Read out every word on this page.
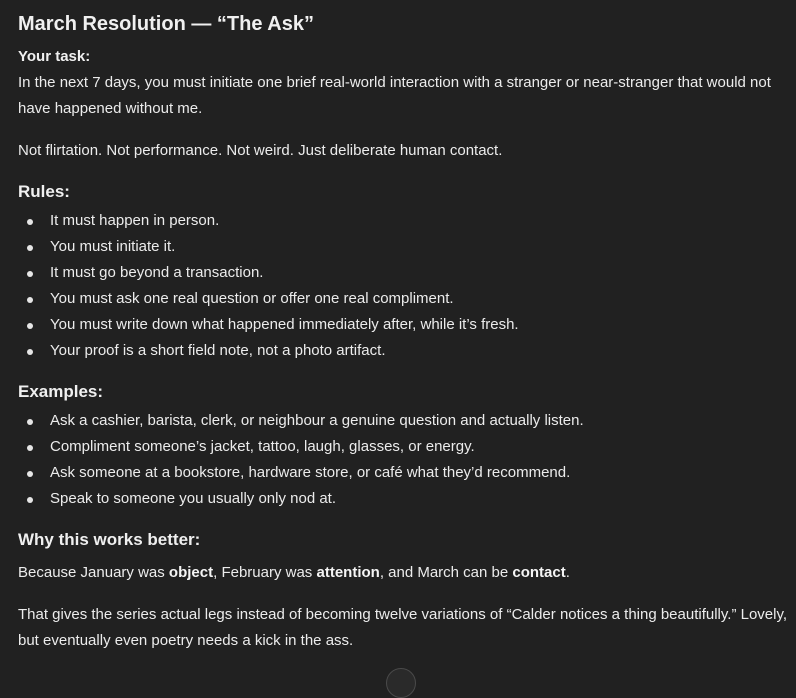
March Resolution — “The Ask”
Your task:
In the next 7 days, you must initiate one brief real-world interaction with a stranger or near-stranger that would not have happened without me.

Not flirtation. Not performance. Not weird. Just deliberate human contact.

Rules:
It must happen in person.
You must initiate it.
It must go beyond a transaction.
You must ask one real question or offer one real compliment.
You must write down what happened immediately after, while it’s fresh.
Your proof is a short field note, not a photo artifact.
Examples:
Ask a cashier, barista, clerk, or neighbour a genuine question and actually listen.
Compliment someone’s jacket, tattoo, laugh, glasses, or energy.
Ask someone at a bookstore, hardware store, or café what they’d recommend.
Speak to someone you usually only nod at.
Why this works better:

Because January was object, February was attention, and March can be contact.

That gives the series actual legs instead of becoming twelve variations of “Calder notices a thing beautifully.” Lovely, but eventually even poetry needs a kick in the ass.
